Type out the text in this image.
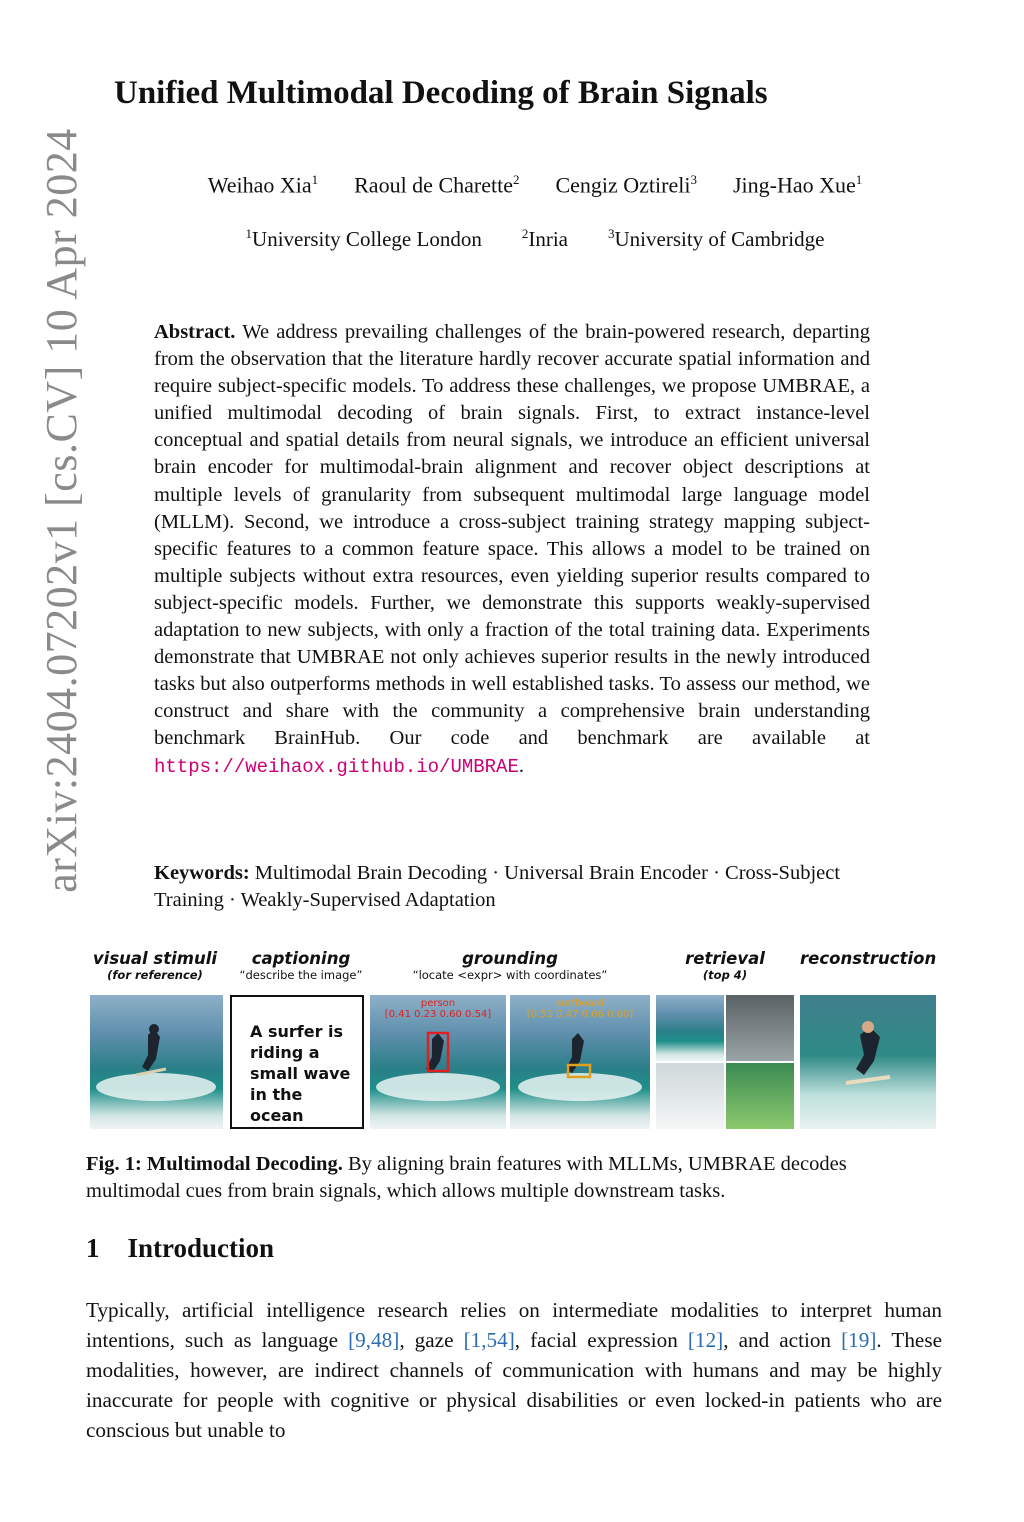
arXiv:2404.07202v1 [cs.CV] 10 Apr 2024
Unified Multimodal Decoding of Brain Signals
Weihao Xia$^1$ Raoul de Charette$^2$ Cengiz Oztireli$^3$ Jing-Hao Xue$^1$
$^1$University College London	$^2$Inria	$^3$University of Cambridge

Abstract. We address prevailing challenges of the brain-powered research, departing from the observation that the literature hardly recover accurate spatial information and require subject-specific models. To address these challenges, we propose UMBRAE, a unified multimodal decoding of brain signals. First, to extract instance-level conceptual and spatial details from neural signals, we introduce an efficient universal brain encoder for multimodal-brain alignment and recover object descriptions at multiple levels of granularity from subsequent multimodal large language model (MLLM). Second, we introduce a cross-subject training strategy mapping subject-specific features to a common feature space. This allows a model to be trained on multiple subjects without extra resources, even yielding superior results compared to subject-specific models. Further, we demonstrate this supports weakly-supervised adaptation to new subjects, with only a fraction of the total training data. Experiments demonstrate that UMBRAE not only achieves superior results in the newly introduced tasks but also outperforms methods in well established tasks. To assess our method, we construct and share with the community a comprehensive brain understanding benchmark BrainHub. Our code and benchmark are available at https://weihaox.github.io/UMBRAE.

Keywords: Multimodal Brain Decoding · Universal Brain Encoder · Cross-Subject Training · Weakly-Supervised Adaptation

visual stimuli
(for reference)
captioning
“describe the image”
grounding
“locate <expr> with coordinates”
retrieval
(top 4)
reconstruction
A surfer is riding a small wave in the ocean
person
[0.41 0.23 0.60 0.54]
surfboard
[0.51 0.47 0.66 0.60]

Fig. 1: Multimodal Decoding. By aligning brain features with MLLMs, UMBRAE decodes multimodal cues from brain signals, which allows multiple downstream tasks.

1 Introduction

Typically, artificial intelligence research relies on intermediate modalities to interpret human intentions, such as language [9,48], gaze [1,54], facial expression [12], and action [19]. These modalities, however, are indirect channels of communication with humans and may be highly inaccurate for people with cognitive or physical disabilities or even locked-in patients who are conscious but unable to
